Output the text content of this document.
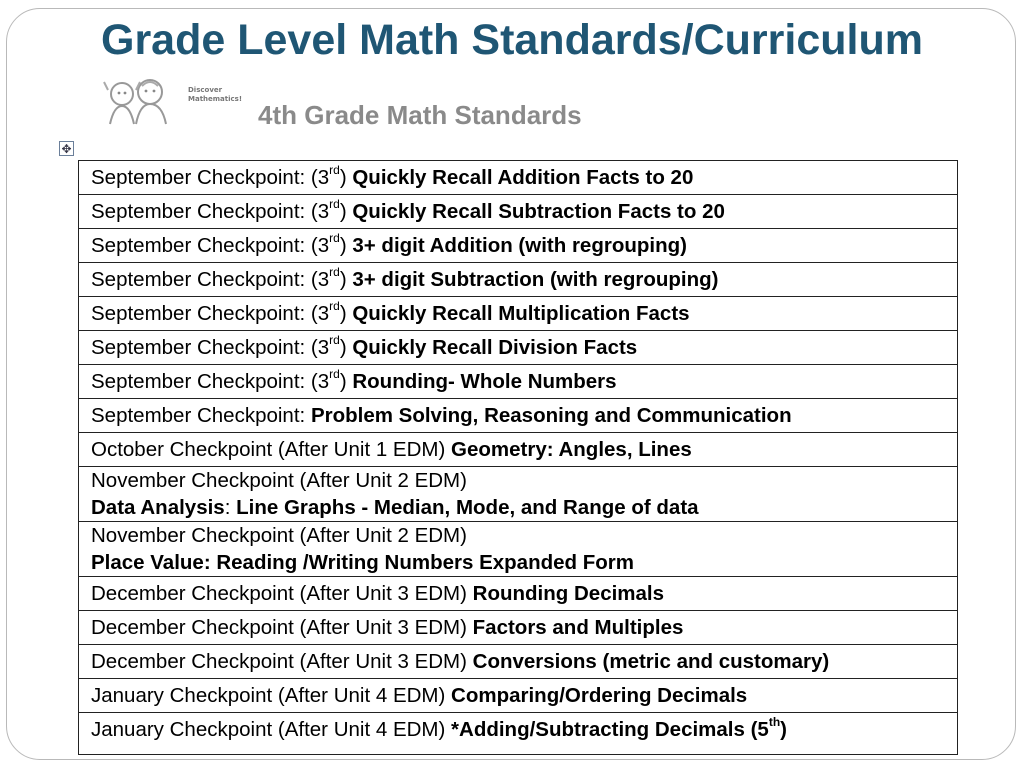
Grade Level Math Standards/Curriculum
Discover
Mathematics!
4th Grade Math Standards
✥
September Checkpoint: (3rd) Quickly Recall Addition Facts to 20
September Checkpoint: (3rd) Quickly Recall Subtraction Facts to 20
September Checkpoint: (3rd) 3+ digit Addition (with regrouping)
September Checkpoint: (3rd) 3+ digit Subtraction (with regrouping)
September Checkpoint: (3rd) Quickly Recall Multiplication Facts
September Checkpoint: (3rd) Quickly Recall Division Facts
September Checkpoint: (3rd) Rounding- Whole Numbers
September Checkpoint: Problem Solving, Reasoning and Communication
October Checkpoint (After Unit 1 EDM) Geometry: Angles, Lines

November Checkpoint (After Unit 2 EDM)
Data Analysis: Line Graphs - Median, Mode, and Range of data

November Checkpoint (After Unit 2 EDM)
Place Value: Reading /Writing Numbers Expanded Form

December Checkpoint (After Unit 3 EDM) Rounding Decimals
December Checkpoint (After Unit 3 EDM) Factors and Multiples
December Checkpoint (After Unit 3 EDM) Conversions (metric and customary)
January Checkpoint (After Unit 4 EDM) Comparing/Ordering Decimals
January Checkpoint (After Unit 4 EDM) *Adding/Subtracting Decimals (5th)
